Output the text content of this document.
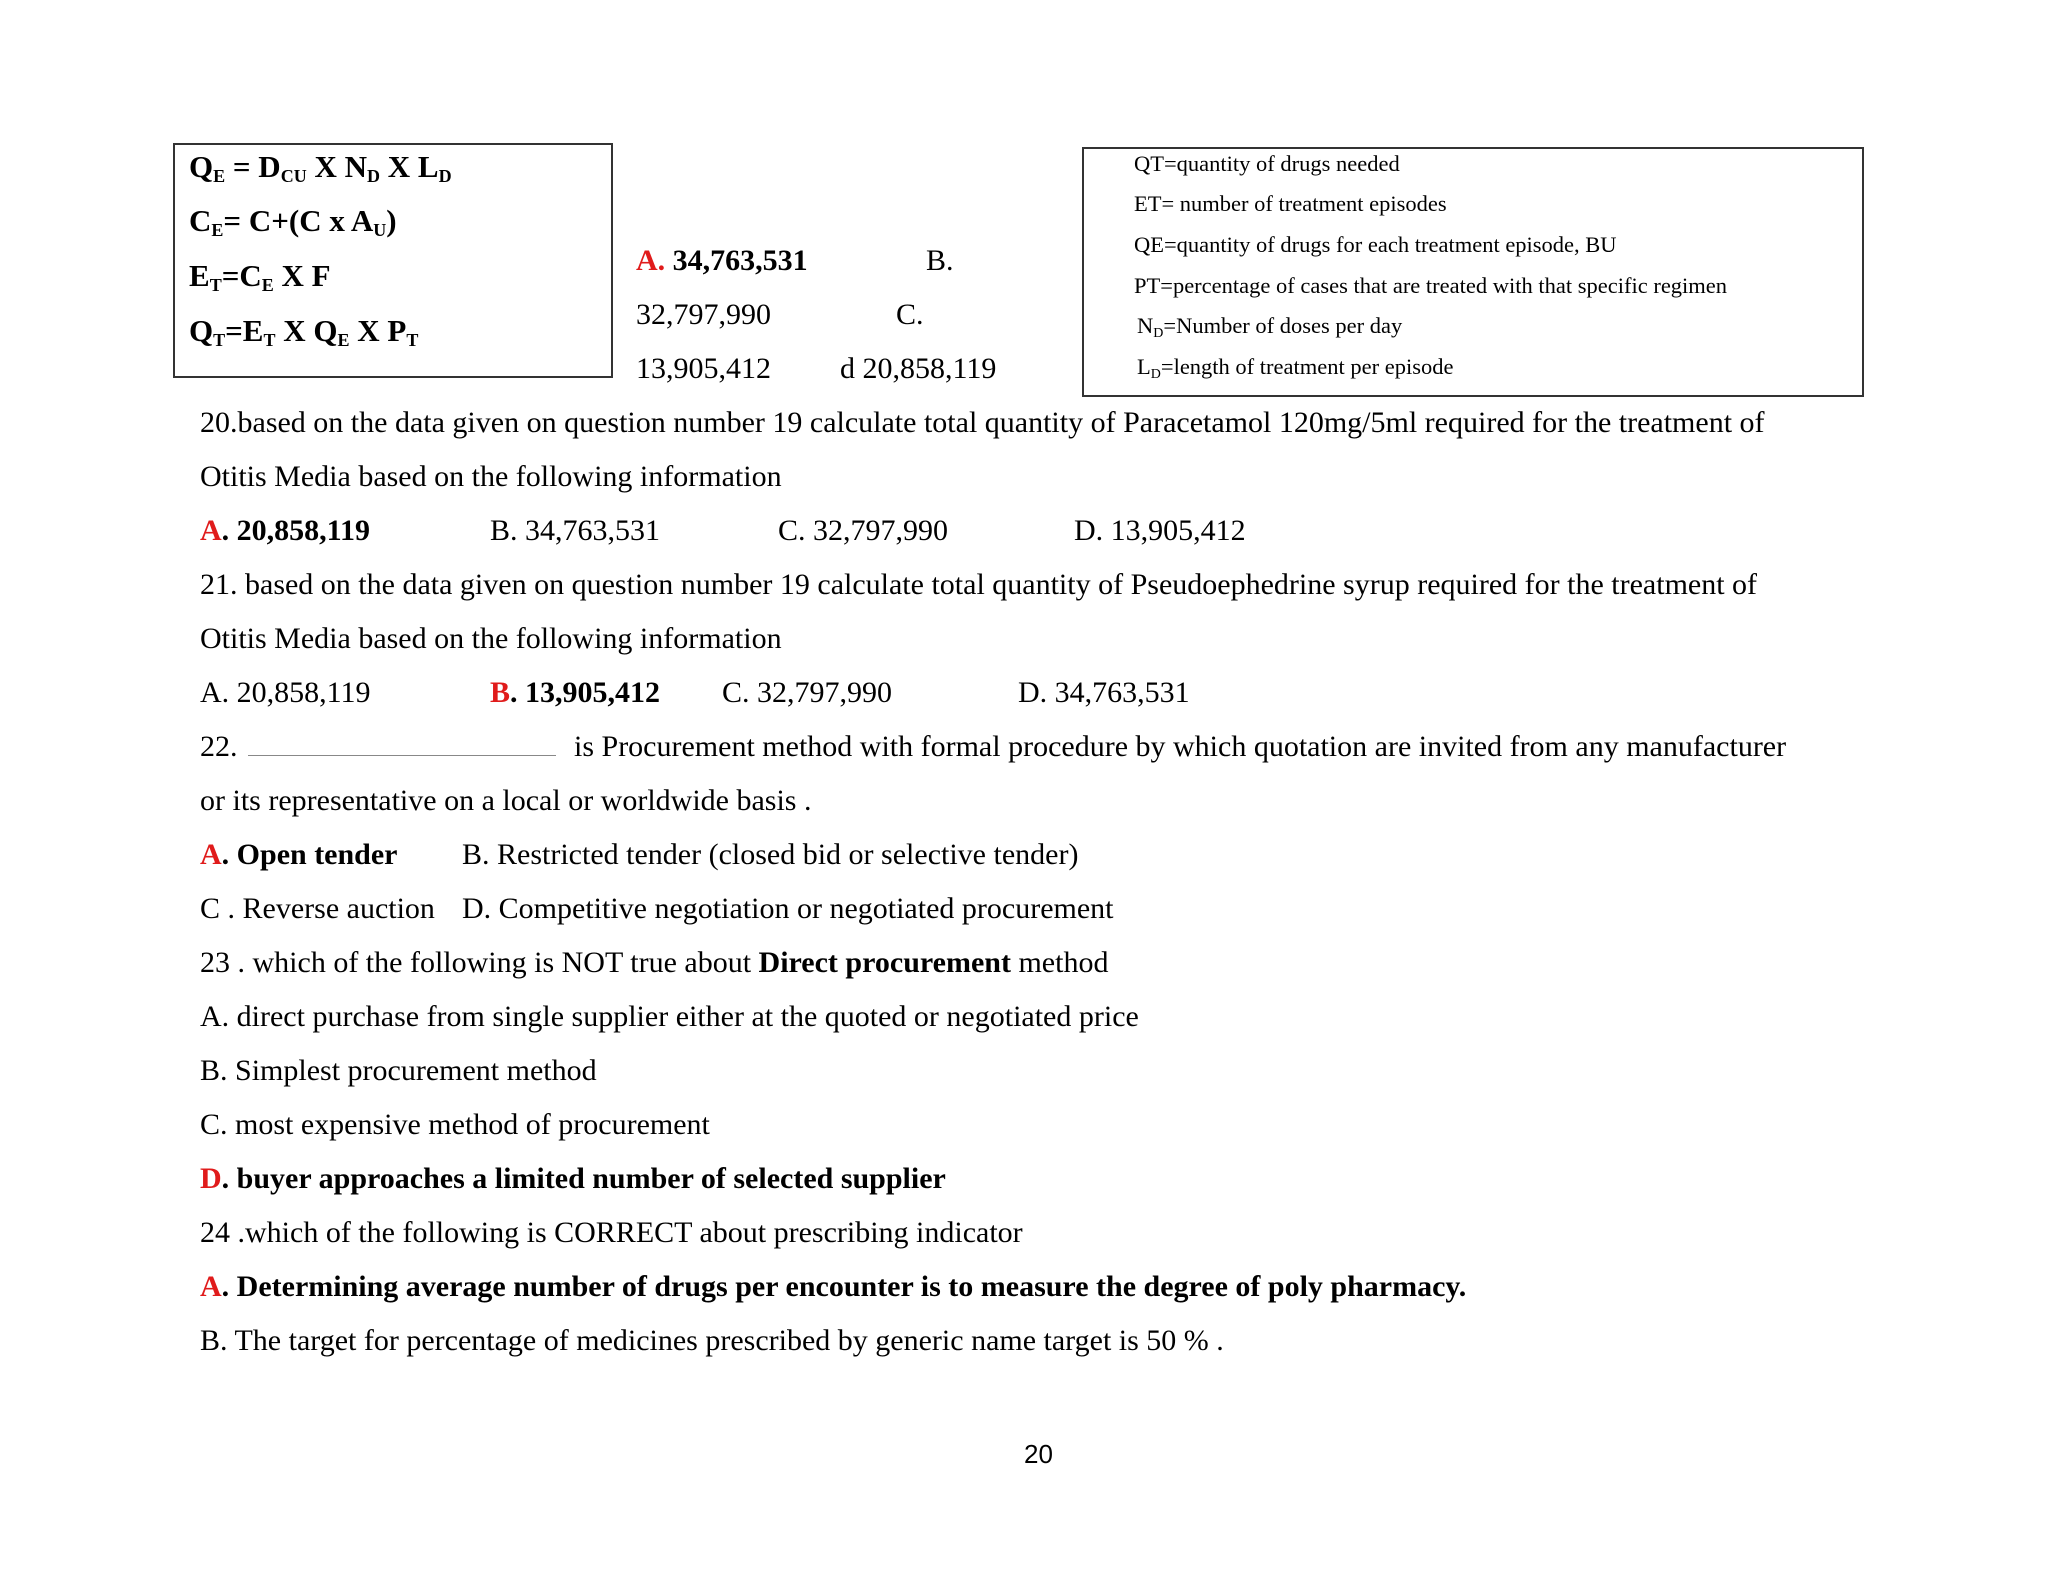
$Q_E = D_{CU}$ X $N_D$ X $L_D$
$C_E= C+(C$ x $A_U$)
$E_T=C_E$ X F
$Q_T=E_T$ X $Q_E$ X $P_T$
A. 34,763,531	B.
32,797,990	C.
13,905,412 d 20,858,119
QT=quantity of drugs needed
ET= number of treatment episodes
QE=quantity of drugs for each treatment episode, BU
PT=percentage of cases that are treated with that specific regimen
$N_D=Number$ of doses per day
$L_D=length$ of treatment per episode
20.based on the data given on question number 19 calculate total quantity of Paracetamol 120mg/5ml required for the treatment of
Otitis Media based on the following information
A. 20,858,119	B. 34,763,531	C. 32,797,990	D. 13,905,412
21. based on the data given on question number 19 calculate total quantity of Pseudoephedrine syrup required for the treatment of
Otitis Media based on the following information
A. 20,858,119	B. 13,905,412 C. 32,797,990	D. 34,763,531
22.	is Procurement method with formal procedure by which quotation are invited from any manufacturer
or its representative on a local or worldwide basis .
A. Open tender B. Restricted tender (closed bid or selective tender)
C . Reverse auction D. Competitive negotiation or negotiated procurement
23 . which of the following is NOT true about Direct procurement method
A. direct purchase from single supplier either at the quoted or negotiated price
B. Simplest procurement method
C. most expensive method of procurement
D. buyer approaches a limited number of selected supplier
24 .which of the following is CORRECT about prescribing indicator
A. Determining average number of drugs per encounter is to measure the degree of poly pharmacy.
B. The target for percentage of medicines prescribed by generic name target is 50 % .
20
